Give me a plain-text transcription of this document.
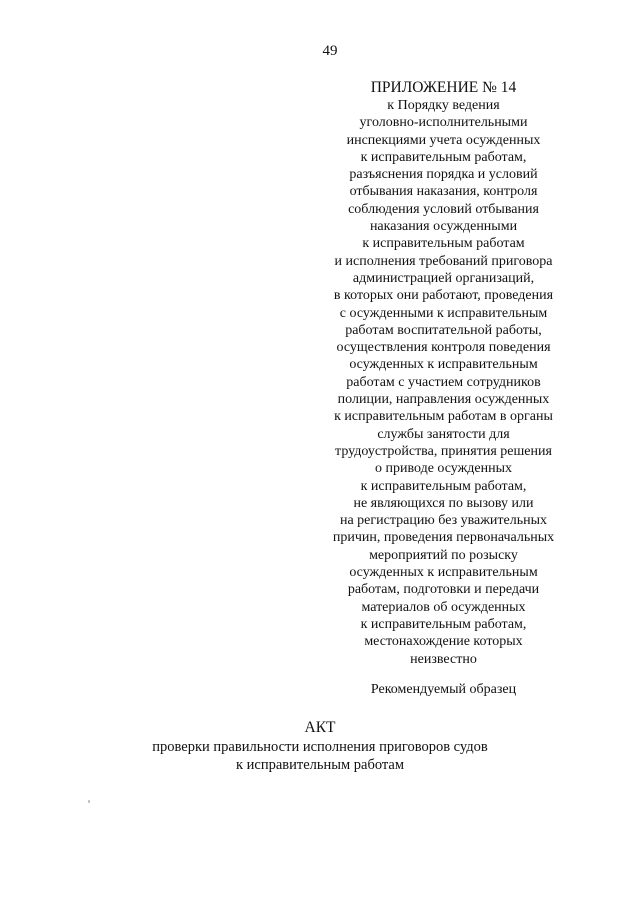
49
ПРИЛОЖЕНИЕ № 14
к Порядку ведения
уголовно-исполнительными
инспекциями учета осужденных
к исправительным работам,
разъяснения порядка и условий
отбывания наказания, контроля
соблюдения условий отбывания
наказания осужденными
к исправительным работам
и исполнения требований приговора
администрацией организаций,
в которых они работают, проведения
с осужденными к исправительным
работам воспитательной работы,
осуществления контроля поведения
осужденных к исправительным
работам с участием сотрудников
полиции, направления осужденных
к исправительным работам в органы
службы занятости для
трудоустройства, принятия решения
о приводе осужденных
к исправительным работам,
не являющихся по вызову или
на регистрацию без уважительных
причин, проведения первоначальных
мероприятий по розыску
осужденных к исправительным
работам, подготовки и передачи
материалов об осужденных
к исправительным работам,
местонахождение которых
неизвестно
Рекомендуемый образец
АКТ
проверки правильности исполнения приговоров судов
к исправительным работам
